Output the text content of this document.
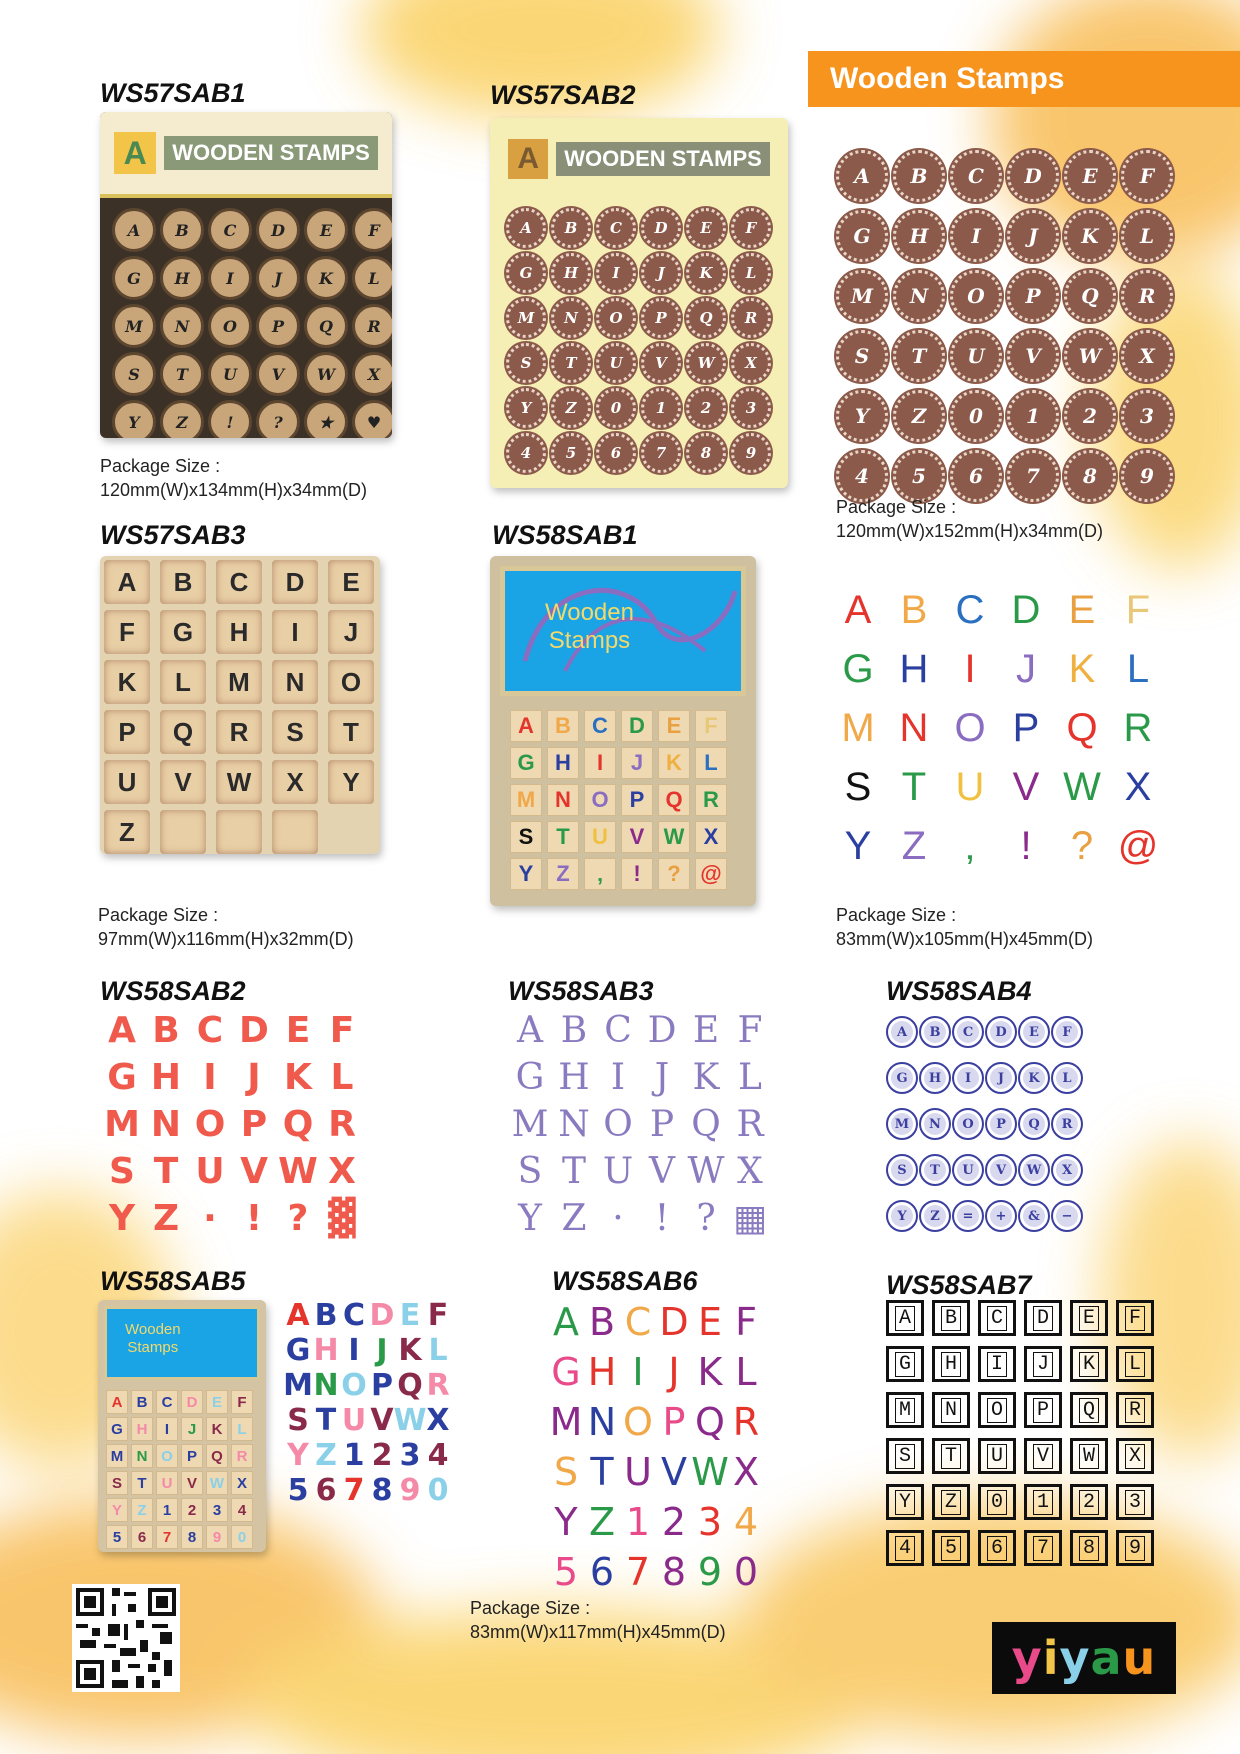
Wooden Stamps
WS57SAB1
A	WOODEN STAMPS
A	B	C	D	E	F
G	H	I	J	K	L
M	N	O	P	Q	R
S	T	U	V	W	X
Y	Z	!	?	★	♥
Package Size :
120mm(W)x134mm(H)x34mm(D)
WS57SAB2
A	WOODEN STAMPS
A	B	C	D	E	F
G	H	I	J	K	L
M	N	O	P	Q	R
S	T	U	V	W	X
Y	Z	0	1	2	3
4	5	6	7	8	9
A	B	C	D	E	F
G	H	I	J	K	L
M	N	O	P	Q	R
S	T	U	V	W	X
Y	Z	0	1	2	3
4	5	6	7	8	9
Package Size :
120mm(W)x152mm(H)x34mm(D)
WS57SAB3
A	B	C	D	E
F	G	H	I	J
K	L	M	N	O
P	Q	R	S	T
U	V	W	X	Y
Z
Package Size :
97mm(W)x116mm(H)x32mm(D)
WS58SAB1
Wooden
Stamps
A B C D E	F
G H	I	J	K	L
M N O P Q R
S	T	U V W X
Y	Z	‚	!	? @
A B C D E F
G H I	J K L
M N O P Q R
S T U V W X
Y Z ‚	! ? @
Package Size :
83mm(W)x105mm(H)x45mm(D)
WS58SAB2
A B C D E F
G H I J K L
M N O P Q R
S T U V W X
Y Z · ! ? ▓
WS58SAB3
A B C D E F
G H I J K L
M N O P Q R
S T U V W X
Y Z · ! ? ▦
WS58SAB4
A	B	C	D	E	F
G	H	I	J	K	L
M	N	O	P	Q	R
S	T	U	V	W	X
Y	Z	=	+	&	−
WS58SAB5
Wooden
Stamps
A B C D E	F
G H	I	J	K L
M N O P Q R
S	T	U V W X
Y	Z	1	2	3	4
5	6	7	8	9	0
A B C D E F
G H I J K L
M N O P Q R
S T U V W X
Y Z 1 2 3 4
5 6 7 8 9 0
WS58SAB6
A B C D E F
G H I J K L
M N O P Q R
S T U V W X
Y Z 1 2 3 4
5 6 7 8 9 0
Package Size :
83mm(W)x117mm(H)x45mm(D)
WS58SAB7
A B C D E F
G H I J K L
M N O P Q R
S T U V W X
Y Z 0 1 2 3
4 5 6 7 8 9
yiyau
